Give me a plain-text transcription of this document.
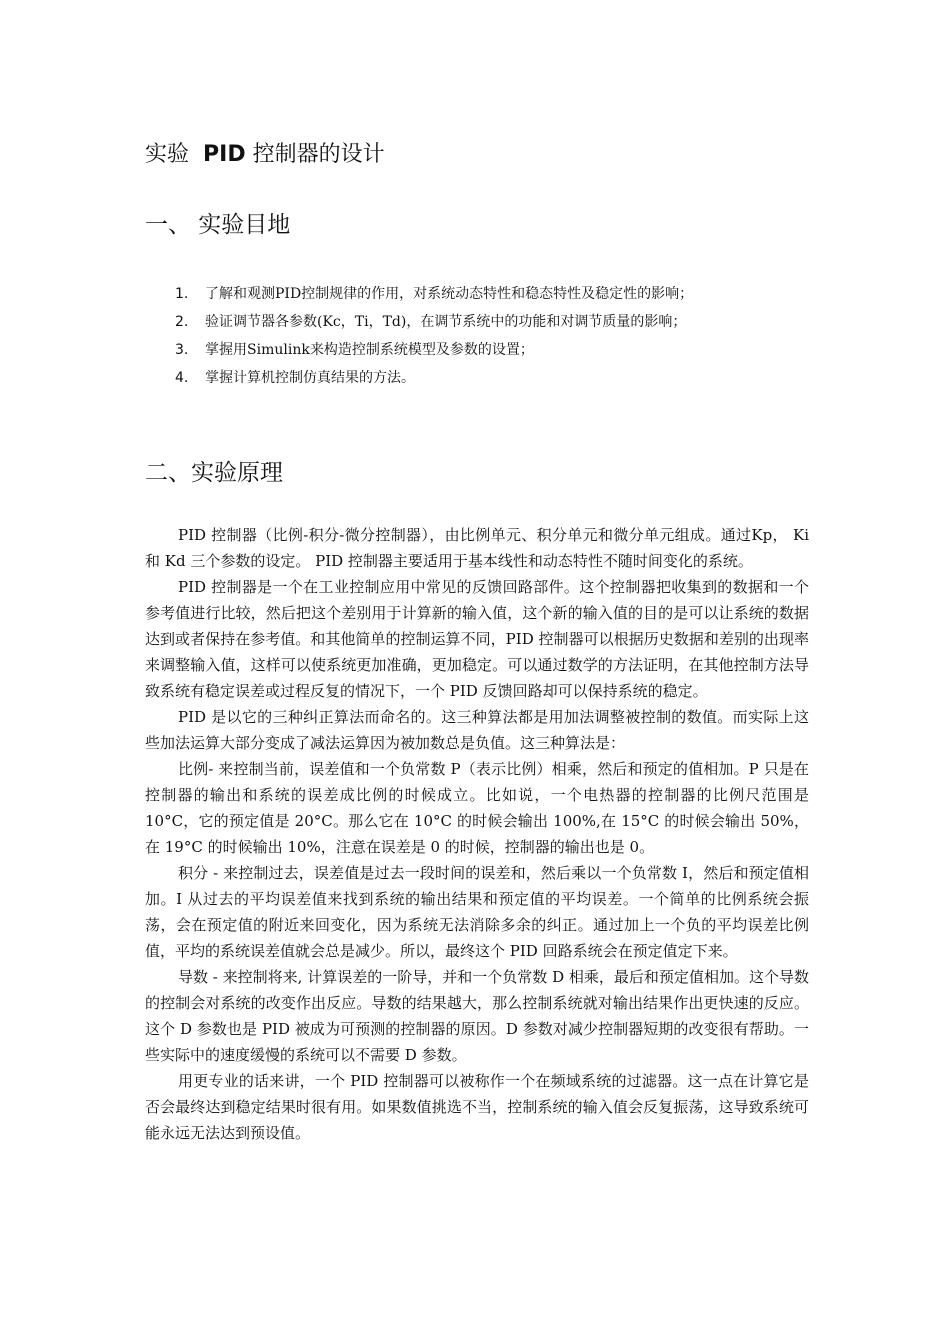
实验 PID 控制器的设计
一、 实验目地
1. 了解和观测PID控制规律的作用，对系统动态特性和稳态特性及稳定性的影响；
2. 验证调节器各参数(Kc，Ti，Td)，在调节系统中的功能和对调节质量的影响；
3. 掌握用Simulink来构造控制系统模型及参数的设置；
4. 掌握计算机控制仿真结果的方法。
二、实验原理

PID 控制器（比例-积分-微分控制器），由比例单元、积分单元和微分单元组成。通过Kp， Ki 和 Kd 三个参数的设定。 PID 控制器主要适用于基本线性和动态特性不随时间变化的系统。

PID 控制器是一个在工业控制应用中常见的反馈回路部件。这个控制器把收集到的数据和一个参考值进行比较，然后把这个差别用于计算新的输入值，这个新的输入值的目的是可以让系统的数据达到或者保持在参考值。和其他简单的控制运算不同，PID 控制器可以根据历史数据和差别的出现率来调整输入值，这样可以使系统更加准确，更加稳定。可以通过数学的方法证明，在其他控制方法导致系统有稳定误差或过程反复的情况下，一个 PID 反馈回路却可以保持系统的稳定。

PID 是以它的三种纠正算法而命名的。这三种算法都是用加法调整被控制的数值。而实际上这些加法运算大部分变成了减法运算因为被加数总是负值。这三种算法是：

比例- 来控制当前，误差值和一个负常数 P（表示比例）相乘，然后和预定的值相加。P 只是在控制器的输出和系统的误差成比例的时候成立。比如说，一个电热器的控制器的比例尺范围是 10°C，它的预定值是 20°C。那么它在 10°C 的时候会输出 100%,在 15°C 的时候会输出 50%，在 19°C 的时候输出 10%，注意在误差是 0 的时候，控制器的输出也是 0。

积分 - 来控制过去，误差值是过去一段时间的误差和，然后乘以一个负常数 I，然后和预定值相加。I 从过去的平均误差值来找到系统的输出结果和预定值的平均误差。一个简单的比例系统会振荡，会在预定值的附近来回变化，因为系统无法消除多余的纠正。通过加上一个负的平均误差比例值，平均的系统误差值就会总是减少。所以，最终这个 PID 回路系统会在预定值定下来。

导数 - 来控制将来, 计算误差的一阶导，并和一个负常数 D 相乘，最后和预定值相加。这个导数的控制会对系统的改变作出反应。导数的结果越大，那么控制系统就对输出结果作出更快速的反应。这个 D 参数也是 PID 被成为可预测的控制器的原因。D 参数对减少控制器短期的改变很有帮助。一些实际中的速度缓慢的系统可以不需要 D 参数。

用更专业的话来讲，一个 PID 控制器可以被称作一个在频域系统的过滤器。这一点在计算它是否会最终达到稳定结果时很有用。如果数值挑选不当，控制系统的输入值会反复振荡，这导致系统可能永远无法达到预设值。
